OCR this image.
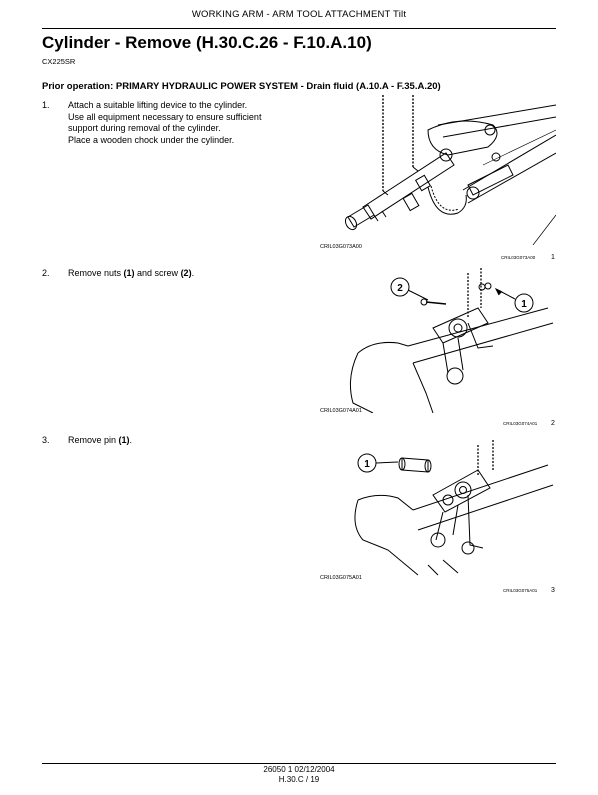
WORKING ARM - ARM TOOL ATTACHMENT Tilt
Cylinder - Remove (H.30.C.26 - F.10.A.10)
CX225SR
Prior operation: PRIMARY HYDRAULIC POWER SYSTEM - Drain fluid (A.10.A - F.35.A.20)
1. Attach a suitable lifting device to the cylinder.
Use all equipment necessary to ensure sufficient
support during removal of the cylinder.
Place a wooden chock under the cylinder.
CRIL03G073A00
CRIL03G073A00 1
2. Remove nuts (1) and screw (2).
2
1
CRIL03G074A01
CRIL03G074A01 2
3. Remove pin (1).
1
CRIL03G075A01
CRIL03G075A01 3
26050 1 02/12/2004
H.30.C / 19
